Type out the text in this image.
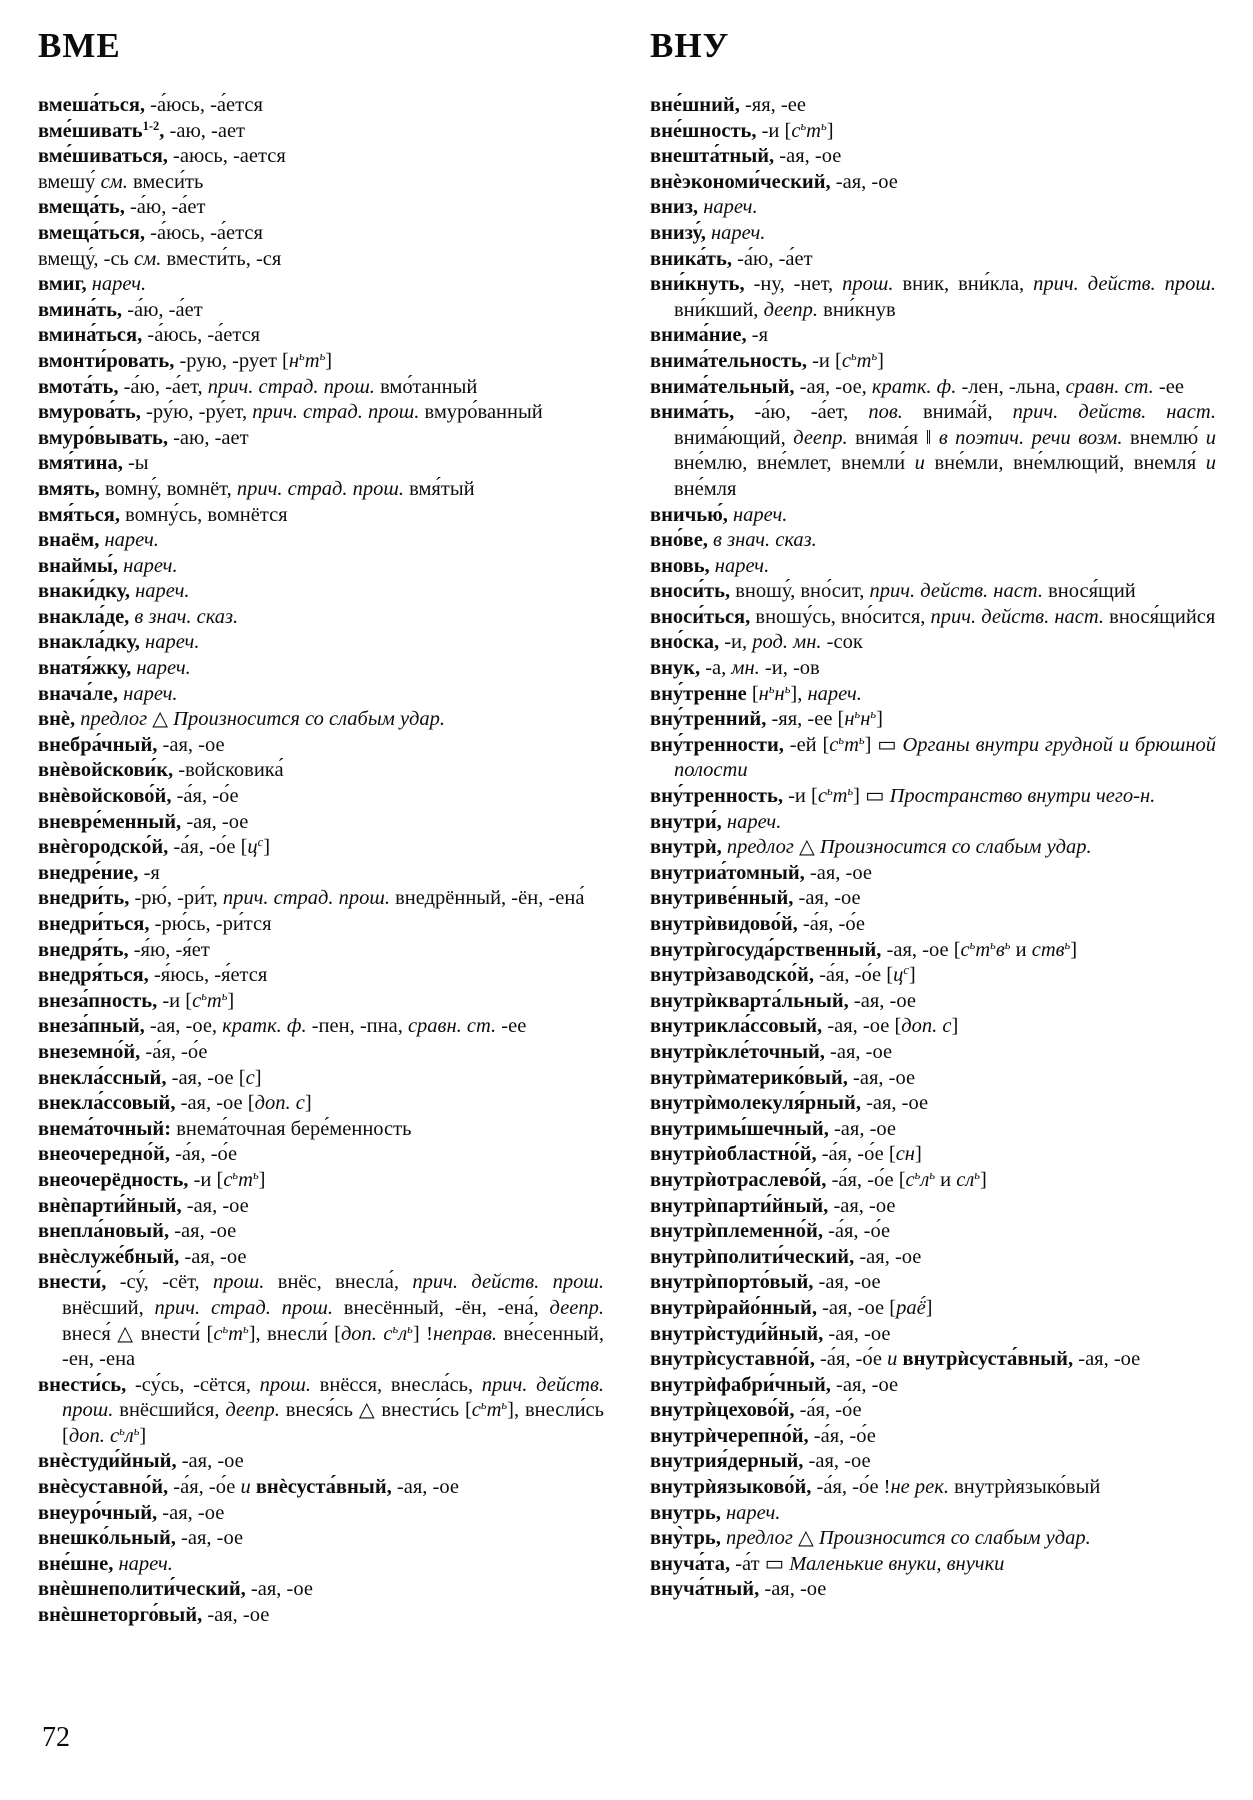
ВМЕ

вмеша́ться, -а́юсь, -а́ется

вме́шивать$^{1-2}$, -аю, -ает

вме́шиваться, -аюсь, -ается

вмешу́ см. вмеси́ть

вмеща́ть, -а́ю, -а́ет

вмеща́ться, -а́юсь, -а́ется

вмещу́, -сь см. вмести́ть, -ся

вмиг, нареч.

вмина́ть, -а́ю, -а́ет

вмина́ться, -а́юсь, -а́ется

вмонти́ровать, -рую, -рует $[н^ьт^ь]$

вмота́ть, -а́ю, -а́ет, прич. страд. прош. вмо́танный

вмурова́ть, -ру́ю, -ру́ет, прич. страд. прош. вмуро́ванный

вмуро́вывать, -аю, -ает

вмя́тина, -ы

вмять, вомну́, вомнёт, прич. страд. прош. вмя́тый

вмя́ться, вомну́сь, вомнётся

внаём, нареч.

внаймы́, нареч.

внаки́дку, нареч.

внакла́де, в знач. сказ.

внакла́дку, нареч.

внатя́жку, нареч.

внача́ле, нареч.

внѐ, предлог △ Произносится со слабым удар.

внебра́чный, -ая, -ое

внѐвойскови́к, -войсковика́

внѐвойсково́й, -а́я, -о́е

вневре́менный, -ая, -ое

внѐгородско́й, -а́я, -о́е $[ц^с]$

внедре́ние, -я

внедри́ть, -рю́, -ри́т, прич. страд. прош. внедрённый, -ён, -ена́

внедри́ться, -рю́сь, -ри́тся

внедря́ть, -я́ю, -я́ет

внедря́ться, -я́юсь, -я́ется

внеза́пность, -и $[с^ьт^ь]$

внеза́пный, -ая, -ое, кратк. ф. -пен, -пна, сравн. ст. -ее

внеземно́й, -а́я, -о́е

внекла́ссный, -ая, -ое [с]

внекла́ссовый, -ая, -ое [доп. с]

внема́точный: внема́точная бере́менность

внеочередно́й, -а́я, -о́е

внеочерёдность, -и $[с^ьт^ь]$

внѐпарти́йный, -ая, -ое

внепла́новый, -ая, -ое

внѐслуже́бный, -ая, -ое

внести́, -су́, -сёт, прош. внёс, внесла́, прич. действ. прош. внёсший, прич. страд. прош. внесённый, -ён, -ена́, деепр. внеся́ △ внести́ $[с^ьт^ь]$, внесли́ [доп. $с^ьл^ь$] !неправ. вне́сенный, -ен, -ена

внести́сь, -су́сь, -сётся, прош. внёсся, внесла́сь, прич. действ. прош. внёсшийся, деепр. внеся́сь △ внести́сь $[с^ьт^ь]$, внесли́сь [доп. $с^ьл^ь$]

внѐстуди́йный, -ая, -ое

внѐсуставно́й, -а́я, -о́е и внѐсуста́вный, -ая, -ое

внеуро́чный, -ая, -ое

внешко́льный, -ая, -ое

вне́шне, нареч.

внѐшнеполити́ческий, -ая, -ое

внѐшнеторго́вый, -ая, -ое

ВНУ

вне́шний, -яя, -ее

вне́шность, -и $[с^ьт^ь]$

внешта́тный, -ая, -ое

внѐэкономи́ческий, -ая, -ое

вниз, нареч.

внизу́, нареч.

вника́ть, -а́ю, -а́ет

вни́кнуть, -ну, -нет, прош. вник, вни́кла, прич. действ. прош. вни́кший, деепр. вни́кнув

внима́ние, -я

внима́тельность, -и $[с^ьт^ь]$

внима́тельный, -ая, -ое, кратк. ф. -лен, -льна, сравн. ст. -ее

внима́ть, -а́ю, -а́ет, пов. внима́й, прич. действ. наст. внима́ющий, деепр. внима́я ‖ в поэтич. речи возм. внемлю́ и вне́млю, вне́млет, внемли́ и вне́мли, вне́млющий, внемля́ и вне́мля

вничью́, нареч.

вно́ве, в знач. сказ.

вновь, нареч.

вноси́ть, вношу́, вно́сит, прич. действ. наст. внося́щий

вноси́ться, вношу́сь, вно́сится, прич. действ. наст. внося́щийся

вно́ска, -и, род. мн. -сок

внук, -а, мн. -и, -ов

вну́тренне $[н^ьн^ь]$, нареч.

вну́тренний, -яя, -ее $[н^ьн^ь]$

вну́тренности, -ей $[с^ьт^ь]$ ▭ Органы внутри грудной и брюшной полости

вну́тренность, -и $[с^ьт^ь]$ ▭ Пространство внутри чего-н.

внутри́, нареч.

внутрѝ, предлог △ Произносится со слабым удар.

внутриа́томный, -ая, -ое

внутриве́нный, -ая, -ое

внутрѝвидово́й, -а́я, -о́е

внутрѝгосуда́рственный, -ая, -ое [$с^ьт^ьв^ь$ и ств$^ь$]

внутрѝзаводско́й, -а́я, -о́е $[ц^с]$

внутрѝкварта́льный, -ая, -ое

внутрикла́ссовый, -ая, -ое [доп. с]

внутрѝкле́точный, -ая, -ое

внутрѝматерико́вый, -ая, -ое

внутрѝмолекуля́рный, -ая, -ое

внутримы́шечный, -ая, -ое

внутрѝобластно́й, -а́я, -о́е [сн]

внутрѝотраслево́й, -а́я, -о́е [$с^ьл^ь$ и $сл^ь$]

внутрѝпарти́йный, -ая, -ое

внутрѝплеменно́й, -а́я, -о́е

внутрѝполити́ческий, -ая, -ое

внутрѝпорто́вый, -ая, -ое

внутрѝрайо́нный, -ая, -ое [раё́]

внутрѝстуди́йный, -ая, -ое

внутрѝсуставно́й, -а́я, -о́е и внутрѝсуста́вный, -ая, -ое

внутрѝфабри́чный, -ая, -ое

внутрѝцехово́й, -а́я, -о́е

внутрѝчерепно́й, -а́я, -о́е

внутрия́дерный, -ая, -ое

внутрѝязыково́й, -а́я, -о́е !не рек. внутрѝязыко́вый

внутрь, нареч.

вну̀трь, предлог △ Произносится со слабым удар.

внуча́та, -а́т ▭ Маленькие внуки, внучки

внуча́тный, -ая, -ое

72
